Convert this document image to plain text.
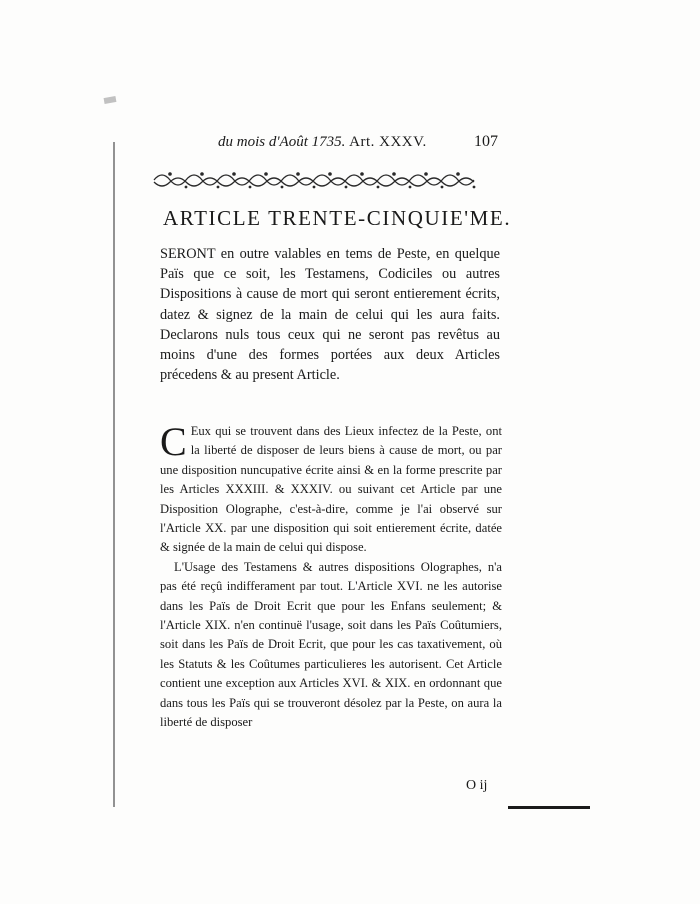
du mois d'Août 1735. Art. XXXV.	107
ARTICLE TRENTE-CINQUIE'ME.

SERONT en outre valables en tems de Peste, en quelque Païs que ce soit, les Testamens, Codiciles ou autres Dispositions à cause de mort qui seront entierement écrits, datez & signez de la main de celui qui les aura faits. Declarons nuls tous ceux qui ne seront pas revêtus au moins d'une des formes portées aux deux Articles précedens & au present Article.

C Eux qui se trouvent dans des Lieux infectez de la Peste, ont la liberté de disposer de leurs biens à cause de mort, ou par une disposition nuncupative écrite ainsi & en la forme prescrite par les Articles XXXIII. & XXXIV. ou suivant cet Article par une Disposition Olographe, c'est-à-dire, comme je l'ai observé sur l'Article XX. par une disposition qui soit entierement écrite, datée & signée de la main de celui qui dispose.

L'Usage des Testamens & autres dispositions Olographes, n'a pas été reçû indifferament par tout. L'Article XVI. ne les autorise dans les Païs de Droit Ecrit que pour les Enfans seulement; & l'Article XIX. n'en continuë l'usage, soit dans les Païs Coûtumiers, soit dans les Païs de Droit Ecrit, que pour les cas taxativement, où les Statuts & les Coûtumes particulieres les autorisent. Cet Article contient une exception aux Articles XVI. & XIX. en ordonnant que dans tous les Païs qui se trouveront désolez par la Peste, on aura la liberté de disposer

O ij
